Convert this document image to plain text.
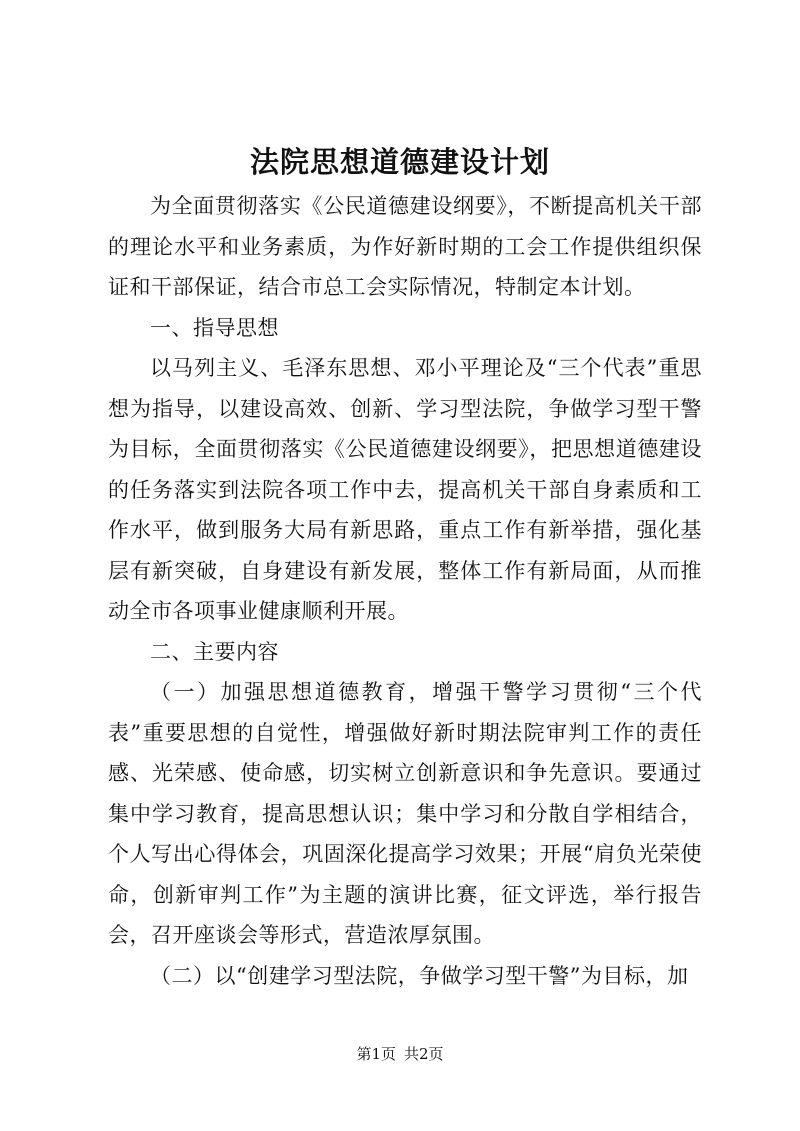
法院思想道德建设计划

为全面贯彻落实《公民道德建设纲要》，不断提高机关干部的理论水平和业务素质，为作好新时期的工会工作提供组织保证和干部保证，结合市总工会实际情况，特制定本计划。

一、指导思想

以马列主义、毛泽东思想、邓小平理论及“三个代表”重思想为指导，以建设高效、创新、学习型法院，争做学习型干警为目标，全面贯彻落实《公民道德建设纲要》，把思想道德建设的任务落实到法院各项工作中去，提高机关干部自身素质和工作水平，做到服务大局有新思路，重点工作有新举措，强化基层有新突破，自身建设有新发展，整体工作有新局面，从而推动全市各项事业健康顺利开展。

二、主要内容

（一）加强思想道德教育，增强干警学习贯彻“三个代表”重要思想的自觉性，增强做好新时期法院审判工作的责任感、光荣感、使命感，切实树立创新意识和争先意识。要通过集中学习教育，提高思想认识；集中学习和分散自学相结合，个人写出心得体会，巩固深化提高学习效果；开展“肩负光荣使命，创新审判工作”为主题的演讲比赛，征文评选，举行报告会，召开座谈会等形式，营造浓厚氛围。

（二）以“创建学习型法院，争做学习型干警”为目标，加

第1页 共2页
